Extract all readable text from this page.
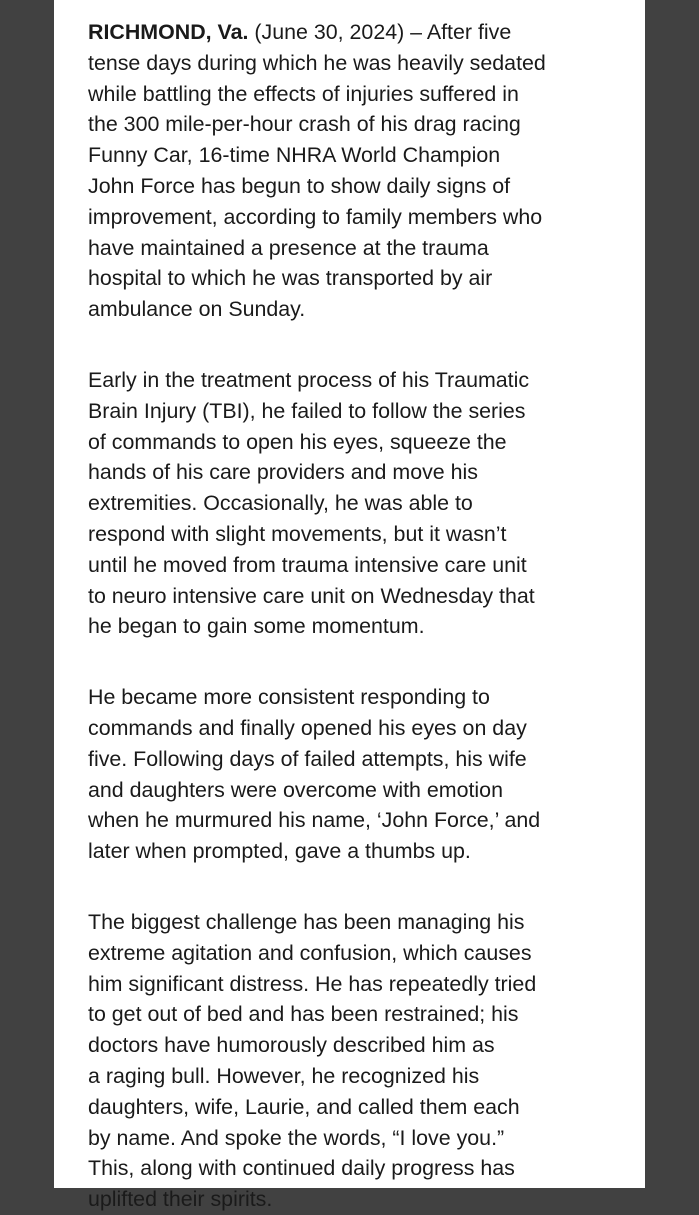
RICHMOND, Va. (June 30, 2024) – After five
tense days during which he was heavily sedated
while battling the effects of injuries suffered in
the 300 mile-per-hour crash of his drag racing
Funny Car, 16-time NHRA World Champion
John Force has begun to show daily signs of
improvement, according to family members who
have maintained a presence at the trauma
hospital to which he was transported by air
ambulance on Sunday.

Early in the treatment process of his Traumatic
Brain Injury (TBI), he failed to follow the series
of commands to open his eyes, squeeze the
hands of his care providers and move his
extremities. Occasionally, he was able to
respond with slight movements, but it wasn’t
until he moved from trauma intensive care unit
to neuro intensive care unit on Wednesday that
he began to gain some momentum.

He became more consistent responding to
commands and finally opened his eyes on day
five. Following days of failed attempts, his wife
and daughters were overcome with emotion
when he murmured his name, ‘John Force,’ and
later when prompted, gave a thumbs up.

The biggest challenge has been managing his
extreme agitation and confusion, which causes
him significant distress. He has repeatedly tried
to get out of bed and has been restrained; his
doctors have humorously described him as
a raging bull. However, he recognized his
daughters, wife, Laurie, and called them each
by name. And spoke the words, “I love you.”
This, along with continued daily progress has
uplifted their spirits.
